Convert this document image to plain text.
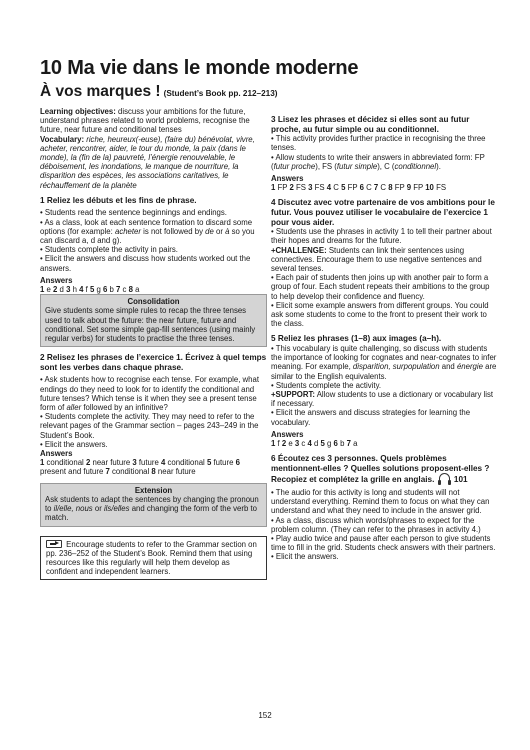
10 Ma vie dans le monde moderne
À vos marques ! (Student’s Book pp. 212–213)

Learning objectives: discuss your ambitions for the future, understand phrases related to world problems, recognise the future, near future and conditional tenses

Vocabulary: riche, heureux(-euse), (faire du) bénévolat, vivre, acheter, rencontrer, aider, le tour du monde, la paix (dans le monde), la (fin de la) pauvreté, l’énergie renouvelable, le déboisement, les inondations, le manque de nourriture, la disparition des espèces, les associations caritatives, le réchauffement de la planète

1 Reliez les débuts et les fins de phrase.

• Students read the sentence beginnings and endings.

• As a class, look at each sentence formation to discard some options (for example: acheter is not followed by de or à so you can discard a, d and g).

• Students complete the activity in pairs.

• Elicit the answers and discuss how students worked out the answers.

Answers

1 e 2 d 3 h 4 f 5 g 6 b 7 c 8 a

Consolidation

Give students some simple rules to recap the three tenses used to talk about the future: the near future, future and conditional. Set some simple gap-fill sentences (using mainly regular verbs) for students to practise the three tenses.

2 Relisez les phrases de l’exercice 1. Écrivez à quel temps sont les verbes dans chaque phrase.

• Ask students how to recognise each tense. For example, what endings do they need to look for to identify the conditional and future tenses? Which tense is it when they see a present tense form of aller followed by an infinitive?

• Students complete the activity. They may need to refer to the relevant pages of the Grammar section – pages 243–249 in the Student’s Book.

• Elicit the answers.

Answers

1 conditional 2 near future 3 future 4 conditional 5 future 6 present and future 7 conditional 8 near future

Extension

Ask students to adapt the sentences by changing the pronoun to il/elle, nous or ils/elles and changing the form of the verb to match.

Encourage students to refer to the Grammar section on pp. 236–252 of the Student’s Book. Remind them that using resources like this regularly will help them develop as confident and independent learners.

3 Lisez les phrases et décidez si elles sont au futur proche, au futur simple ou au conditionnel.

• This activity provides further practice in recognising the three tenses.

• Allow students to write their answers in abbreviated form: FP (futur proche), FS (futur simple), C (conditionnel).

Answers

1 FP 2 FS 3 FS 4 C 5 FP 6 C 7 C 8 FP 9 FP 10 FS

4 Discutez avec votre partenaire de vos ambitions pour le futur. Vous pouvez utiliser le vocabulaire de l’exercice 1 pour vous aider.

• Students use the phrases in activity 1 to tell their partner about their hopes and dreams for the future.

+CHALLENGE: Students can link their sentences using connectives. Encourage them to use negative sentences and several tenses.

• Each pair of students then joins up with another pair to form a group of four. Each student repeats their ambitions to the group to help develop their confidence and fluency.

• Elicit some example answers from different groups. You could ask some students to come to the front to present their work to the class.

5 Reliez les phrases (1–8) aux images (a–h).

• This vocabulary is quite challenging, so discuss with students the importance of looking for cognates and near-cognates to infer meaning. For example, disparition, surpopulation and énergie are similar to the English equivalents.

• Students complete the activity.

+SUPPORT: Allow students to use a dictionary or vocabulary list if necessary.

• Elicit the answers and discuss strategies for learning the vocabulary.

Answers

1 f 2 e 3 c 4 d 5 g 6 b 7 a

6 Écoutez ces 3 personnes. Quels problèmes mentionnent-elles ? Quelles solutions proposent-elles ? Recopiez et complétez la grille en anglais. 101

• The audio for this activity is long and students will not understand everything. Remind them to focus on what they can understand and what they need to include in the answer grid.

• As a class, discuss which words/phrases to expect for the problem column. (They can refer to the phrases in activity 4.)

• Play audio twice and pause after each person to give students time to fill in the grid. Students check answers with their partners.

• Elicit the answers.

152
